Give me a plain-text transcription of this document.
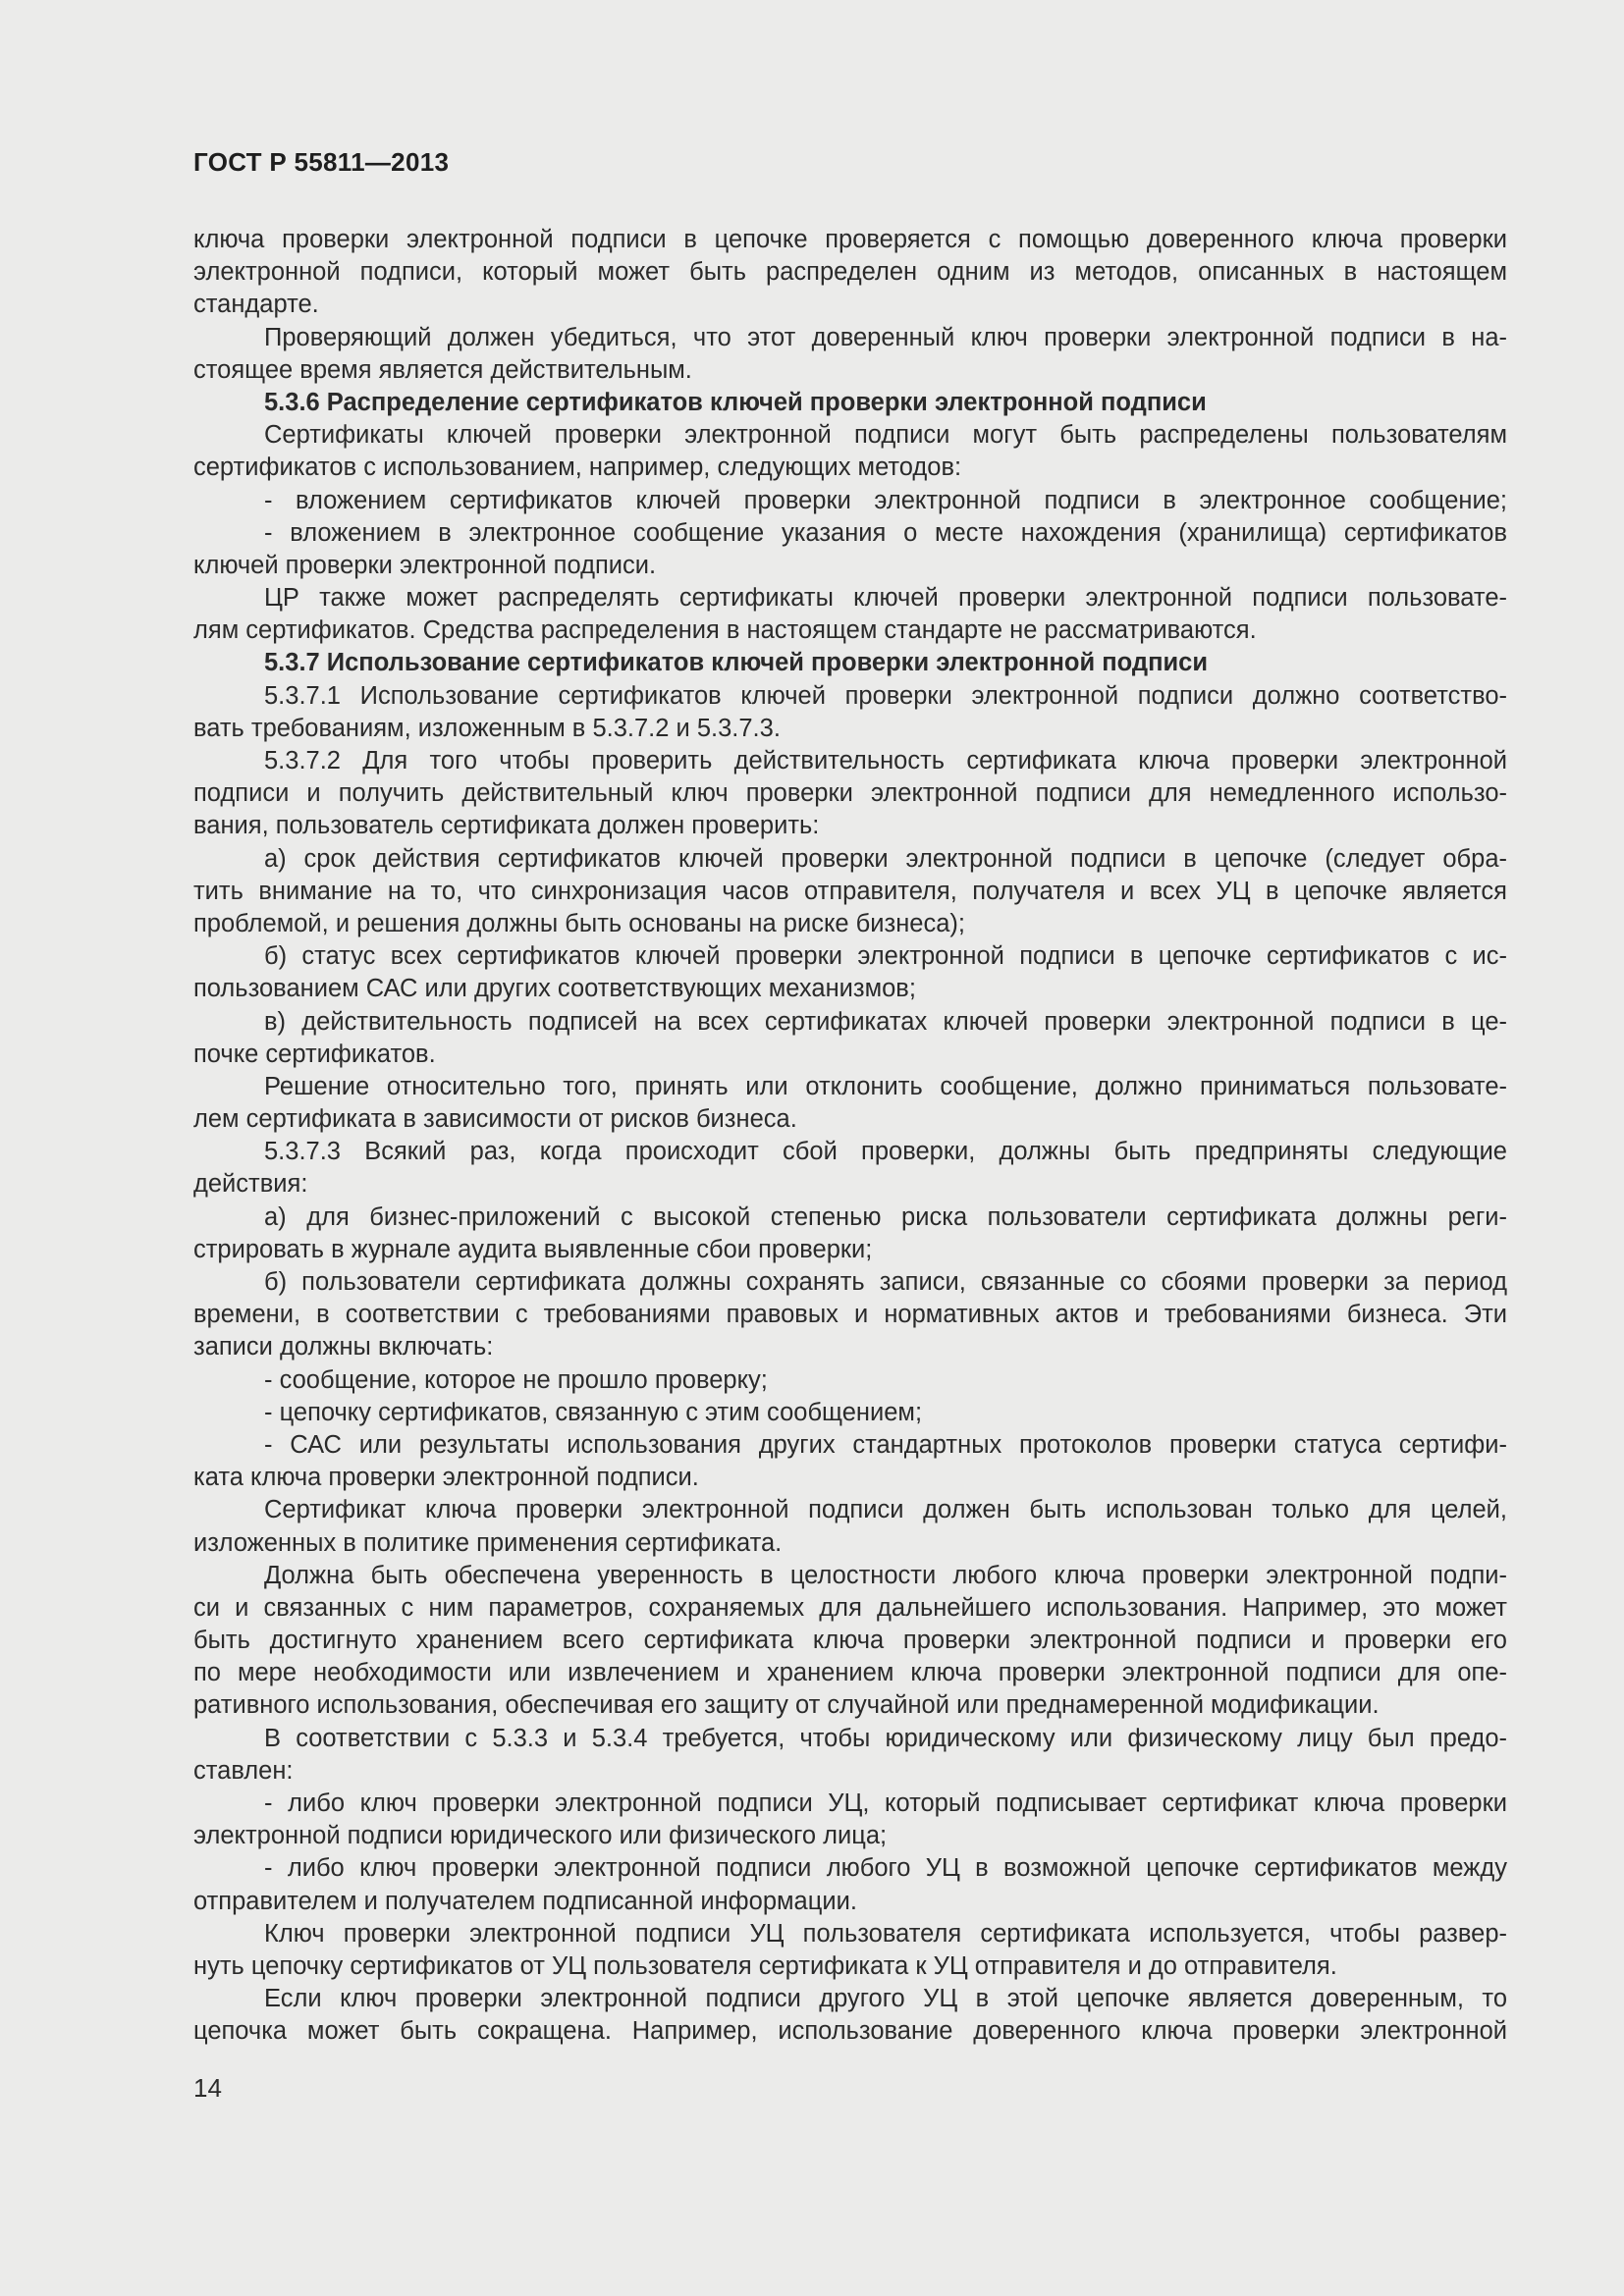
ГОСТ Р 55811—2013
ключа проверки электронной подписи в цепочке проверяется с помощью доверенного ключа проверки
электронной подписи, который может быть распределен одним из методов, описанных в настоящем
стандарте.
Проверяющий должен убедиться, что этот доверенный ключ проверки электронной подписи в на-
стоящее время является действительным.
5.3.6 Распределение сертификатов ключей проверки электронной подписи
Сертификаты ключей проверки электронной подписи могут быть распределены пользователям
сертификатов с использованием, например, следующих методов:
- вложением сертификатов ключей проверки электронной подписи в электронное сообщение;
- вложением в электронное сообщение указания о месте нахождения (хранилища) сертификатов
ключей проверки электронной подписи.
ЦР также может распределять сертификаты ключей проверки электронной подписи пользовате-
лям сертификатов. Средства распределения в настоящем стандарте не рассматриваются.
5.3.7 Использование сертификатов ключей проверки электронной подписи
5.3.7.1 Использование сертификатов ключей проверки электронной подписи должно соответство-
вать требованиям, изложенным в 5.3.7.2 и 5.3.7.3.
5.3.7.2 Для того чтобы проверить действительность сертификата ключа проверки электронной
подписи и получить действительный ключ проверки электронной подписи для немедленного использо-
вания, пользователь сертификата должен проверить:
а) срок действия сертификатов ключей проверки электронной подписи в цепочке (следует обра-
тить внимание на то, что синхронизация часов отправителя, получателя и всех УЦ в цепочке является
проблемой, и решения должны быть основаны на риске бизнеса);
б) статус всех сертификатов ключей проверки электронной подписи в цепочке сертификатов с ис-
пользованием САС или других соответствующих механизмов;
в) действительность подписей на всех сертификатах ключей проверки электронной подписи в це-
почке сертификатов.
Решение относительно того, принять или отклонить сообщение, должно приниматься пользовате-
лем сертификата в зависимости от рисков бизнеса.
5.3.7.3 Всякий раз, когда происходит сбой проверки, должны быть предприняты следующие
действия:
а) для бизнес-приложений с высокой степенью риска пользователи сертификата должны реги-
стрировать в журнале аудита выявленные сбои проверки;
б) пользователи сертификата должны сохранять записи, связанные со сбоями проверки за период
времени, в соответствии с требованиями правовых и нормативных актов и требованиями бизнеса. Эти
записи должны включать:
- сообщение, которое не прошло проверку;
- цепочку сертификатов, связанную с этим сообщением;
- САС или результаты использования других стандартных протоколов проверки статуса сертифи-
ката ключа проверки электронной подписи.
Сертификат ключа проверки электронной подписи должен быть использован только для целей,
изложенных в политике применения сертификата.
Должна быть обеспечена уверенность в целостности любого ключа проверки электронной подпи-
си и связанных с ним параметров, сохраняемых для дальнейшего использования. Например, это может
быть достигнуто хранением всего сертификата ключа проверки электронной подписи и проверки его
по мере необходимости или извлечением и хранением ключа проверки электронной подписи для опе-
ративного использования, обеспечивая его защиту от случайной или преднамеренной модификации.
В соответствии с 5.3.3 и 5.3.4 требуется, чтобы юридическому или физическому лицу был предо-
ставлен:
- либо ключ проверки электронной подписи УЦ, который подписывает сертификат ключа проверки
электронной подписи юридического или физического лица;
- либо ключ проверки электронной подписи любого УЦ в возможной цепочке сертификатов между
отправителем и получателем подписанной информации.
Ключ проверки электронной подписи УЦ пользователя сертификата используется, чтобы развер-
нуть цепочку сертификатов от УЦ пользователя сертификата к УЦ отправителя и до отправителя.
Если ключ проверки электронной подписи другого УЦ в этой цепочке является доверенным, то
цепочка может быть сокращена. Например, использование доверенного ключа проверки электронной
14
